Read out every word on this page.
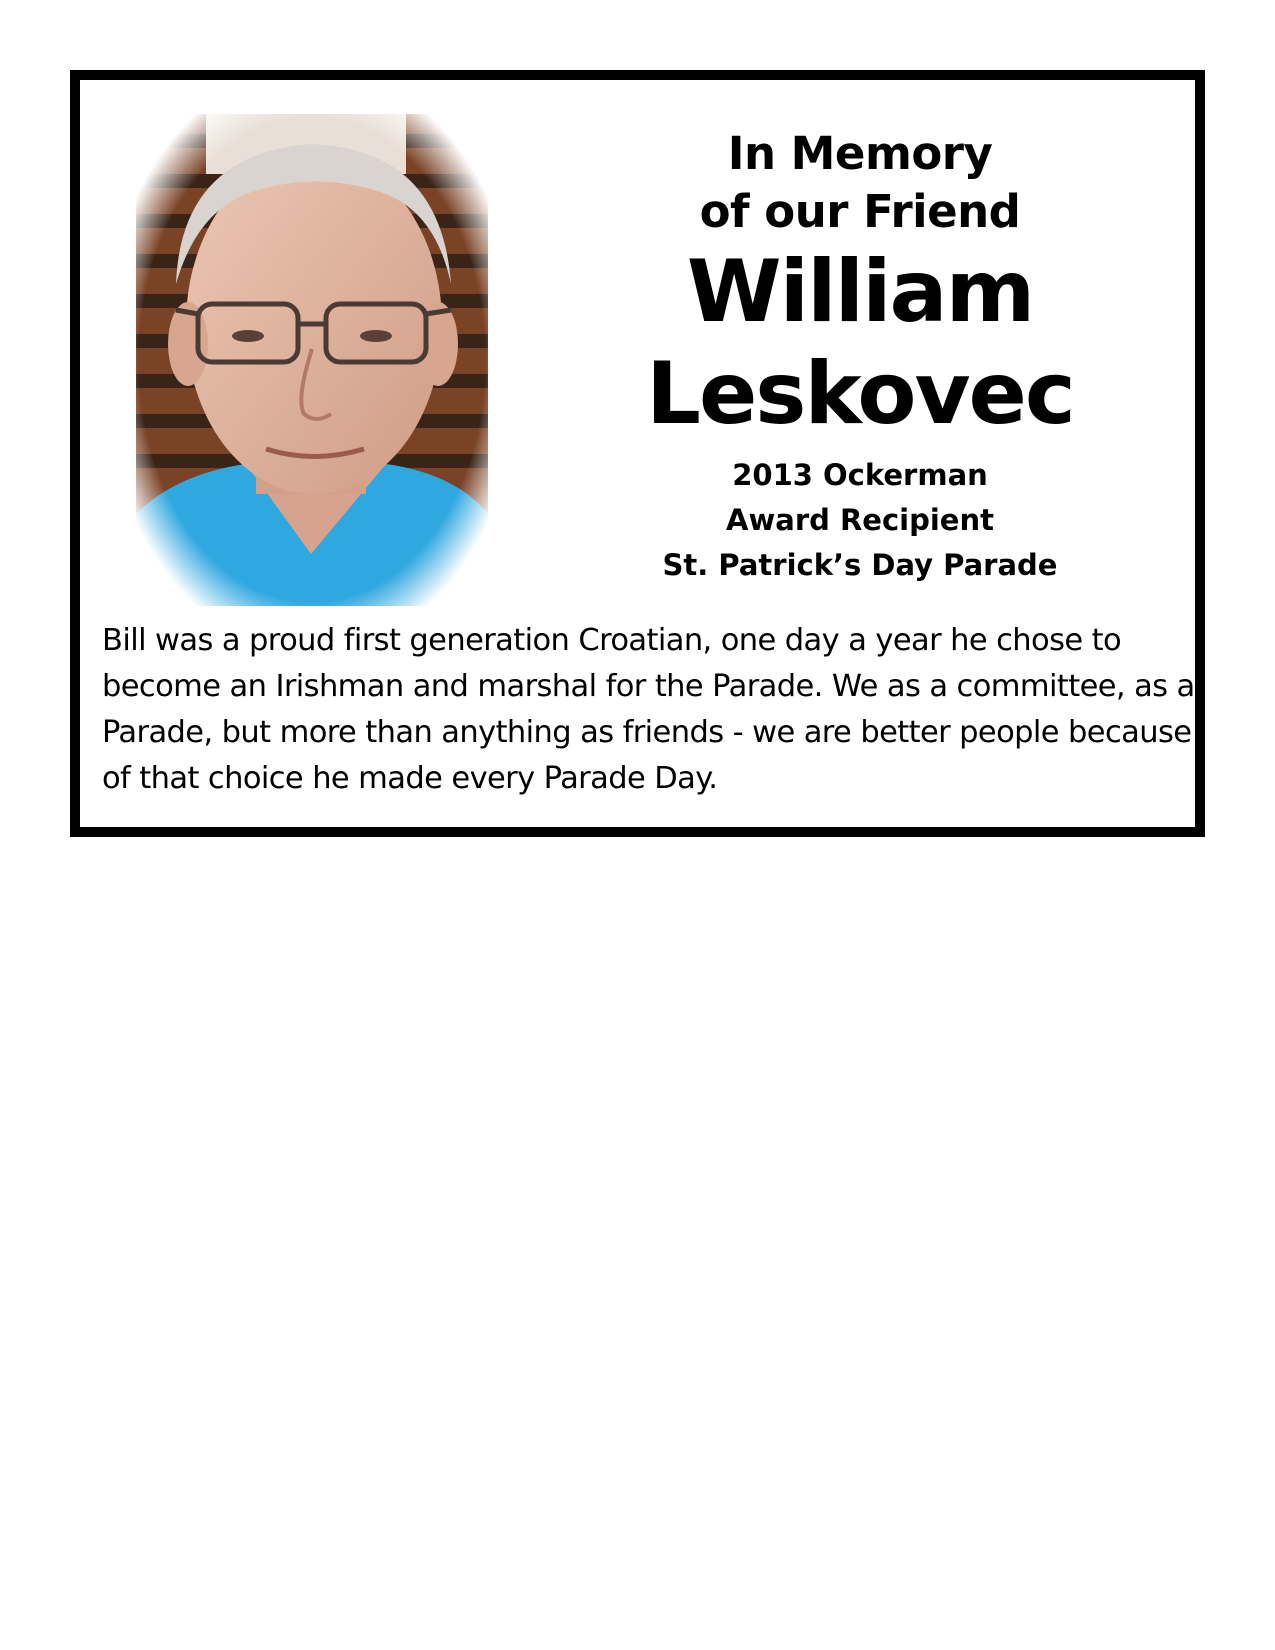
In Memory
of our Friend
William
Leskovec
2013 Ockerman
Award Recipient
St. Patrick’s Day Parade

Bill was a proud first generation Croatian, one day a year he chose to become an Irishman and marshal for the Parade. We as a committee, as a Parade, but more than anything as friends - we are better people because of that choice he made every Parade Day.
